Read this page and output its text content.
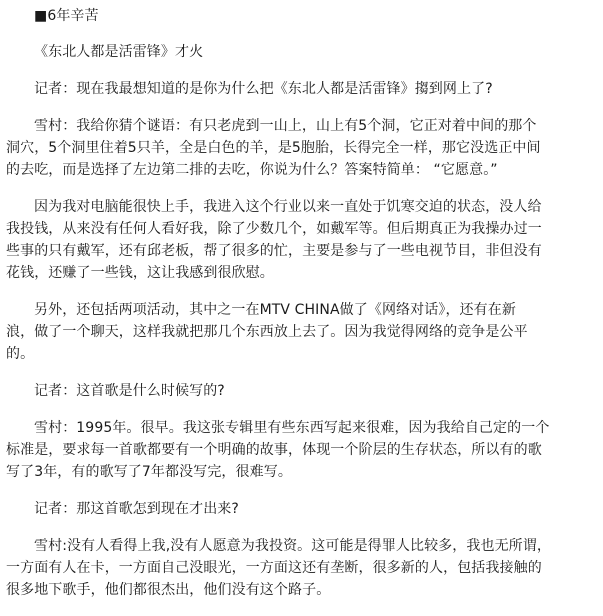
■6年辛苦
《东北人都是活雷锋》才火
记者：现在我最想知道的是你为什么把《东北人都是活雷锋》搊到网上了?
雪村：我给你猜个谜语：有只老虎到一山上，山上有5个洞，它正对着中间的那个
洞穴，5个洞里住着5只羊，全是白色的羊，是5胞胎，长得完全一样，那它没选正中间
的去吃，而是选择了左边第二排的去吃，你说为什么？答案特简单： “它愿意。”
因为我对电脑能很快上手，我进入这个行业以来一直处于饥寒交迫的状态，没人给
我投钱，从来没有任何人看好我，除了少数几个，如戴军等。但后期真正为我操办过一
些事的只有戴军，还有邱老板，帮了很多的忙，主要是参与了一些电视节目，非但没有
花钱，还赚了一些钱，这让我感到很欣慰。
另外，还包括两项活动，其中之一在MTV CHINA做了《网络对话》，还有在新
浪，做了一个聊天，这样我就把那几个东西放上去了。因为我觉得网络的竞争是公平
的。
记者：这首歌是什么时候写的?
雪村：1995年。很早。我这张专辑里有些东西写起来很难，因为我给自己定的一个
标准是，要求每一首歌都要有一个明确的故事，体现一个阶层的生存状态，所以有的歌
写了3年，有的歌写了7年都没写完，很难写。
记者：那这首歌怎到现在才出来?
雪村:没有人看得上我,没有人愿意为我投资。这可能是得罪人比较多，我也无所谓，
一方面有人在卡，一方面自己没眼光，一方面这还有垄断，很多新的人，包括我接触的
很多地下歌手，他们都很杰出，他们没有这个路子。
